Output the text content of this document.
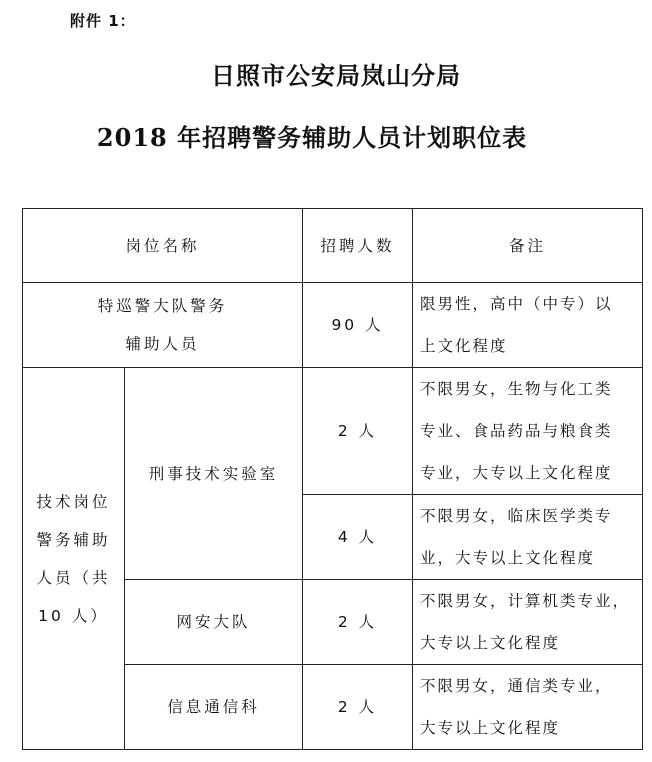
附件 1：
日照市公安局岚山分局
2018 年招聘警务辅助人员计划职位表
岗位名称		招聘人数	备注

特巡警大队警务
辅助人员		90 人	限男性，高中（中专）以
上文化程度

技术岗位
警务辅助
人员（共
10 人）	刑事技术实验室	2 人	不限男女，生物与化工类
专业、食品药品与粮食类
专业，大专以上文化程度

		4 人	不限男女，临床医学类专
业，大专以上文化程度

	网安大队	2 人	不限男女，计算机类专业，
大专以上文化程度

	信息通信科	2 人	不限男女，通信类专业，
大专以上文化程度
